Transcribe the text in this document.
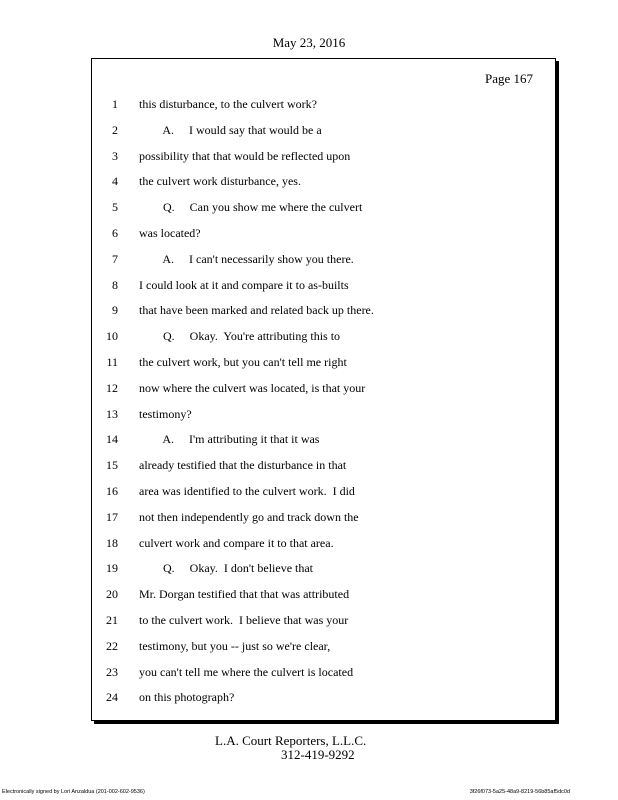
May 23, 2016
Page 167
1 this disturbance, to the culvert work?
2 A.     I would say that would be a
3 possibility that that would be reflected upon
4 the culvert work disturbance, yes.
5 Q.     Can you show me where the culvert
6 was located?
7 A.     I can't necessarily show you there.
8 I could look at it and compare it to as-builts
9 that have been marked and related back up there.
10 Q.     Okay.  You're attributing this to
11 the culvert work, but you can't tell me right
12 now where the culvert was located, is that your
13 testimony?
14 A.     I'm attributing it that it was
15 already testified that the disturbance in that
16 area was identified to the culvert work.  I did
17 not then independently go and track down the
18 culvert work and compare it to that area.
19 Q.     Okay.  I don't believe that
20 Mr. Dorgan testified that that was attributed
21 to the culvert work.  I believe that was your
22 testimony, but you -- just so we're clear,
23 you can't tell me where the culvert is located
24 on this photograph?
L.A. Court Reporters, L.L.C.
312-419-9292
Electronically signed by Lori Anzaldua (201-002-602-9536)	3f26f073-5a25-48a9-8219-56b85af5dc0d
